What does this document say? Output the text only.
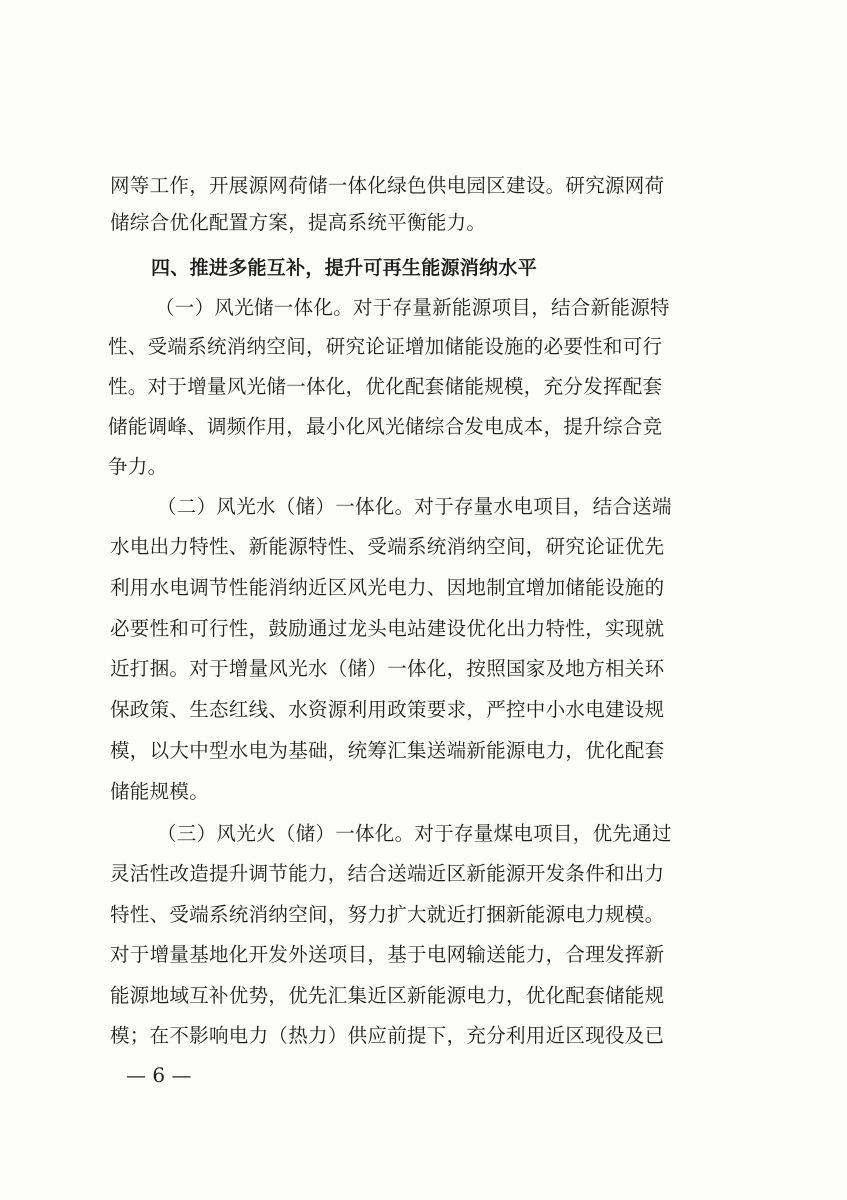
网等工作，开展源网荷储一体化绿色供电园区建设。研究源网荷
储综合优化配置方案，提高系统平衡能力。
四、推进多能互补，提升可再生能源消纳水平
（一）风光储一体化。对于存量新能源项目，结合新能源特
性、受端系统消纳空间，研究论证增加储能设施的必要性和可行
性。对于增量风光储一体化，优化配套储能规模，充分发挥配套
储能调峰、调频作用，最小化风光储综合发电成本，提升综合竞
争力。
（二）风光水（储）一体化。对于存量水电项目，结合送端
水电出力特性、新能源特性、受端系统消纳空间，研究论证优先
利用水电调节性能消纳近区风光电力、因地制宜增加储能设施的
必要性和可行性，鼓励通过龙头电站建设优化出力特性，实现就
近打捆。对于增量风光水（储）一体化，按照国家及地方相关环
保政策、生态红线、水资源利用政策要求，严控中小水电建设规
模，以大中型水电为基础，统筹汇集送端新能源电力，优化配套
储能规模。
（三）风光火（储）一体化。对于存量煤电项目，优先通过
灵活性改造提升调节能力，结合送端近区新能源开发条件和出力
特性、受端系统消纳空间，努力扩大就近打捆新能源电力规模。
对于增量基地化开发外送项目，基于电网输送能力，合理发挥新
能源地域互补优势，优先汇集近区新能源电力，优化配套储能规
模；在不影响电力（热力）供应前提下，充分利用近区现役及已
— 6 —
